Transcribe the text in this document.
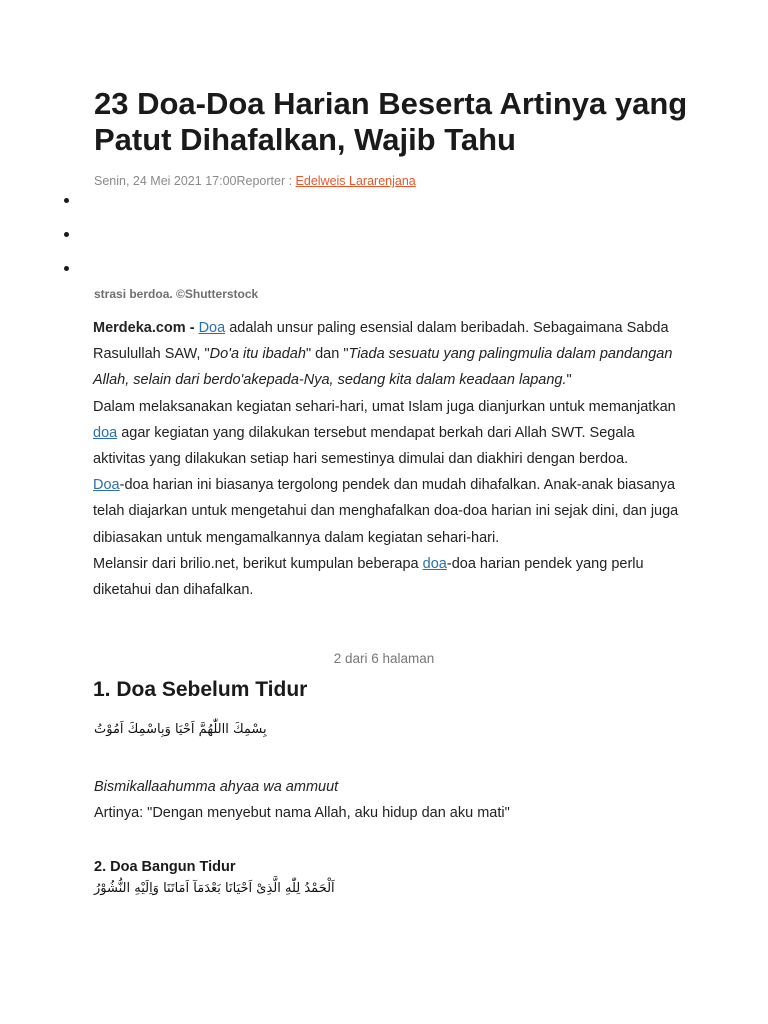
23 Doa-Doa Harian Beserta Artinya yang Patut Dihafalkan, Wajib Tahu
Senin, 24 Mei 2021 17:00Reporter : Edelweis Lararenjana
strasi berdoa. ©Shutterstock

Merdeka.com - Doa adalah unsur paling esensial dalam beribadah. Sebagaimana Sabda Rasulullah SAW, "Do'a itu ibadah" dan "Tiada sesuatu yang palingmulia dalam pandangan Allah, selain dari berdo'akepada-Nya, sedang kita dalam keadaan lapang."

Dalam melaksanakan kegiatan sehari-hari, umat Islam juga dianjurkan untuk memanjatkan doa agar kegiatan yang dilakukan tersebut mendapat berkah dari Allah SWT. Segala aktivitas yang dilakukan setiap hari semestinya dimulai dan diakhiri dengan berdoa.

Doa-doa harian ini biasanya tergolong pendek dan mudah dihafalkan. Anak-anak biasanya telah diajarkan untuk mengetahui dan menghafalkan doa-doa harian ini sejak dini, dan juga dibiasakan untuk mengamalkannya dalam kegiatan sehari-hari.

Melansir dari brilio.net, berikut kumpulan beberapa doa-doa harian pendek yang perlu diketahui dan dihafalkan.

2 dari 6 halaman
1. Doa Sebelum Tidur
بِسْمِكَ االلّٰهُمَّ اَحْيَا وَبِاسْمِكَ اَمُوْتُ
Bismikallaahumma ahyaa wa ammuut
Artinya: "Dengan menyebut nama Allah, aku hidup dan aku mati"
2. Doa Bangun Tidur
اَلْحَمْدُ لِلّٰهِ الَّذِىْ اَحْيَانَا بَعْدَمَآ اَمَاتَنَا وَاِلَيْهِ النُّشُوْرُ
